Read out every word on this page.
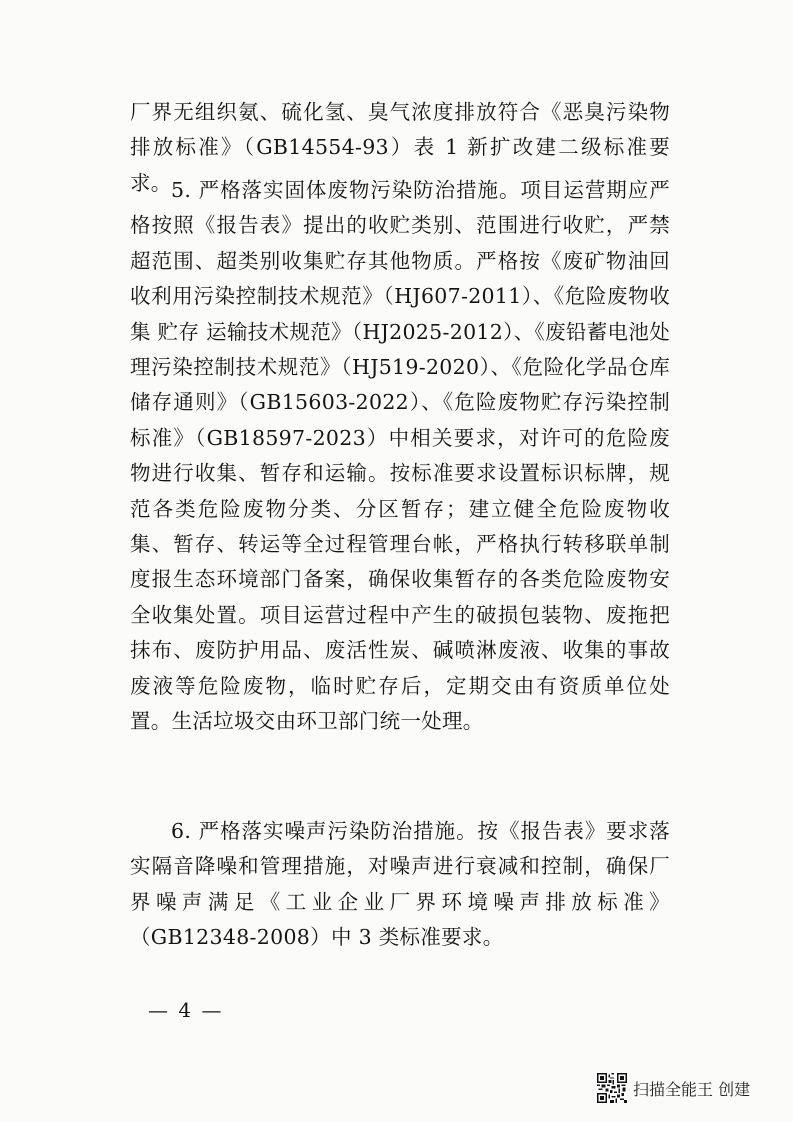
厂界无组织氨、硫化氢、臭气浓度排放符合《恶臭污染物排放标准》（GB14554-93）表 1 新扩改建二级标准要求。 5. 严格落实固体废物污染防治措施。项目运营期应严格按照《报告表》提出的收贮类别、范围进行收贮，严禁超范围、超类别收集贮存其他物质。严格按《废矿物油回收利用污染控制技术规范》（HJ607-2011）、《危险废物收集 贮存 运输技术规范》（HJ2025-2012）、《废铅蓄电池处理污染控制技术规范》（HJ519-2020）、《危险化学品仓库储存通则》（GB15603-2022）、《危险废物贮存污染控制标准》（GB18597-2023）中相关要求，对许可的危险废物进行收集、暂存和运输。按标准要求设置标识标牌，规范各类危险废物分类、分区暂存；建立健全危险废物收集、暂存、转运等全过程管理台帐，严格执行转移联单制度报生态环境部门备案，确保收集暂存的各类危险废物安全收集处置。项目运营过程中产生的破损包装物、废拖把抹布、废防护用品、废活性炭、碱喷淋废液、收集的事故废液等危险废物，临时贮存后，定期交由有资质单位处置。生活垃圾交由环卫部门统一处理。

6. 严格落实噪声污染防治措施。按《报告表》要求落实隔音降噪和管理措施，对噪声进行衰减和控制，确保厂界噪声满足《工业企业厂界环境噪声排放标准》（GB12348-2008）中 3 类标准要求。

— 4 —
扫描全能王 创建
